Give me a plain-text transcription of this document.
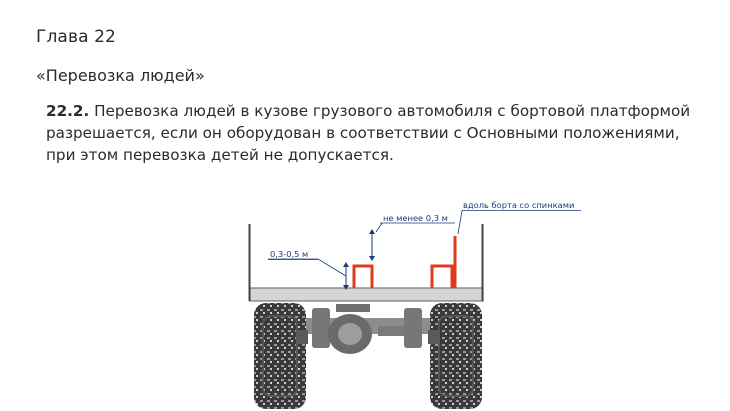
Глава 22
«Перевозка людей»
22.2. Перевозка людей в кузове грузового автомобиля с бортовой платформой разрешается, если он оборудован в соответствии с Основными положениями, при этом перевозка детей не допускается.
0,3-0,5 м
не менее 0,3 м
вдоль борта со спинками
